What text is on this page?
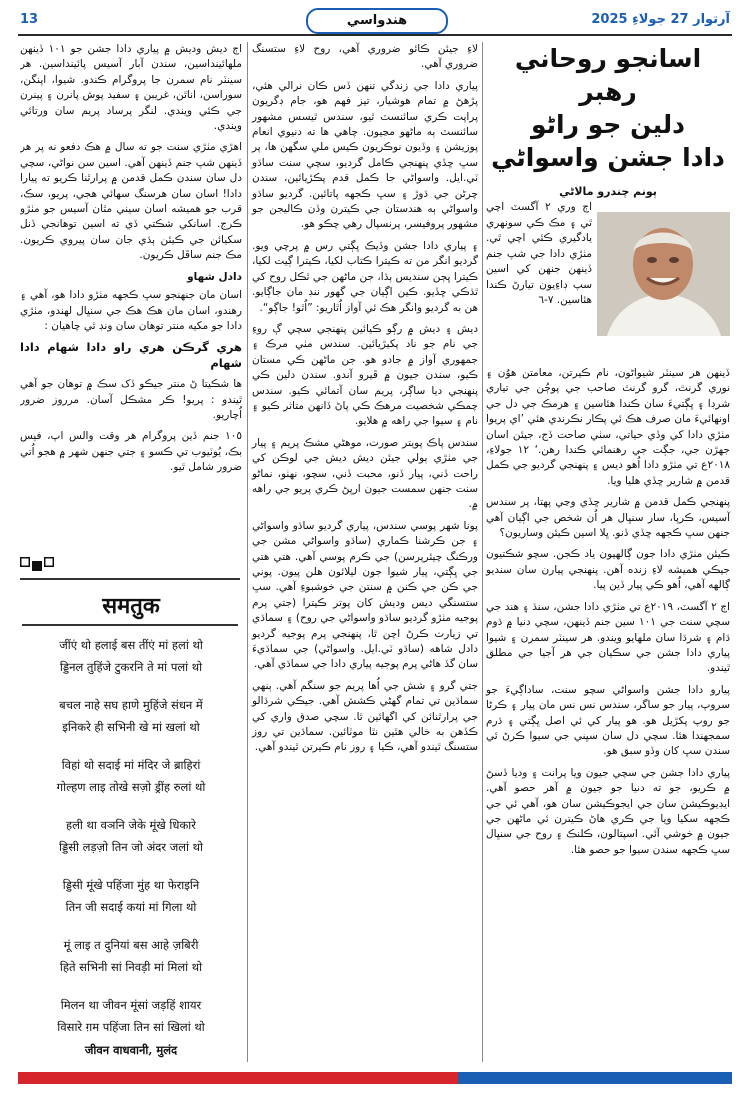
13	هندواسي	آرتوار 27 جولاءِ 2025
اسانجو روحاني
رهبر
دلين جو راڻو
دادا جشن واسواڻي
پونم چندرو مالاڻي
اڄ وري ٢ آگسٽ اچي ٿي ۽ مڪ ڪي سونهري يادگيري ڪئي اچي ٿي. مٺڙي دادا جي شپ جنم ڏينهن جنهن کي اسين سپ ڊاءِيون تيارڻ ڪندا هئاسين. ٧-٦

ڏينهن هر سينٽر شيواڻون، نام ڪيرتن، معامتن هوُن ۽ نوري گرنٿ، گرو گرنٿ صاحب جي پوڄُن جي تياري شرڊا ۽ ڀڳتيءَ سان ڪندا هئاسين ۽ هرمڪ جي دل جي اونهائيءَ مان صرف هڪ ئي پڪار نڪرندي هئي ’اي پريوا مٺڙي دادا کي وڏي حياتي، سٺي صاحت ڏج، جيئن اسان جهڙن جي، جڳت جي رهنمائي ڪندا رهن.‘ ١٢ جولاءِ، ٢٠١٨ع تي مٺڙو دادا اُهو ديس ۽ پنهنجي گرديو جي ڪمل قدمن ۾ شارير ڇڏي هليا ويا.

پنهنجي ڪمل قدمن ۾ شارير ڇڏي وڃي پهتا، پر سندس آسيس، ڪرپا، سار سنڀال هر اُن شخص جي اڳيان آهي جنهن سڀ ڪجهه ڇڏي ڏنو. ڀلا اسين ڪيئن وساريون؟

ڪيئن مٺڙي دادا جون ڳالهيون ياد ڪجن. سچو شڪتيون جيڪي هميشه لاءِ زنده آهن. پنهنجي پيارن سان سنديو ڳالهه آهي، اُهو ڪي پيار ڏين پيا.

اڄ ٢ آگسٽ، ٢٠١٩ع تي مٺڙي دادا جشن، سنڌ ۽ هند جي سچي سنت جي ١٠١ سين جنم ڏينهن، سچي دنيا ۾ ڌوم ڌام ۽ شرڌا سان ملهايو ويندو. هر سينٽر سمرن ۽ شيوا پياري دادا جشن جي سڪيان جي هر آجيا جي مطلق ٿيندو.

پيارو دادا جشن واسواڻي سچو سنت، ساداڳيءَ جو سروپ، پيار جو ساگر، سندس نس نس مان پيار ۽ ڪرڻا جو روپ پکڙيل هو. هو پيار کي ئي اصل ڀڳتي ۽ ڌرم سمجهندا هئا. سچي دل سان سڀني جي سيوا ڪرڻ ئي سندن سڀ کان وڏو سبق هو.

پياري دادا جشن جي سچي جيون ويا پرانت ۽ وديا ڏسڻ ۾ ڪريو، جو ته دنيا جو جيون ۾ آهر حصو آهي. ايڊيوڪيشن سان جي ايجوڪيشن سان هو، آهي ئي جي ڪجهه سکيا ويا جي ڪري هاڻ ڪيترن ئي ماڻهن جي جيون ۾ خوشي آئي. اسپتالون، ڪلنڪ ۽ روح جي سنڀال سڀ ڪجهه سندن سيوا جو حصو هئا.

لاءِ جيئن ڪائو ضروري آهي، روح لاءِ ستسنگ ضروري آهي.

پياري دادا جي زندگي تنهن ڏس ڪان نرالي هئي، پڙهڻ ۾ تمام هوشيار، تيز فهم هو، جام ڊگريون پراپت ڪري سائنسٽ ٿيو، سندس ٿيسس مشهور سائنسٽ ٻه ماڻهو مڃيون. چاهي ها ته دنيوي انعام پوزيشن ۽ وڏيون نوڪريون ڪيس ملي سگهن ها، پر سڀ ڇڏي پنهنجي ڪامل گرديو، سچي سنت ساڌو ٽي.ايل. واسواڻي جا ڪمل قدم پڪڙيائين، سندن چرڻن جي ڌوڙ ۽ سڀ ڪجهه پاتائين. گرديو ساڌو واسواڻي ٻه هندستان جي ڪيترن وڏن ڪاليجن جو مشهور پروفيسر، پرنسپال رهي چڪو هو.

۽ پياري دادا جشن وڏيڪ ڀڳتي رس ۾ پرچي ويو. گرديو انگر من ته ڪيترا ڪتاب لکيا، ڪيترا ڳيت لکيا، ڪيترا ڀڄن سنديس ٻڌا، جن ماڻهن جي ٿڪل روح کي ٿڌڪي ڇڏيو. ڪين اڳيان جي گهور ننڊ مان جاڳايو. هن به گرديو وانگر هڪ ئي آواز اُٿاريو: ”اُٿو! جاڳو“.

ديش ۽ ديش ۾ رڳو ڪيائين پنهنجي سچي ڳ روءِ جي نام جو ناد پکيڙيائين. سندس مٺي مرڪ ۽ جمهوري آواز ۾ جادو هو. جن ماڻهن ڪي مستان ڪيو، سندن جيون ۾ ڦيرو آندو. سندن دلين ڪي پنهنجي ديا ساڳر، پريم سان آتمائي ڪيو. سندس چمڪي شخصيت مرهڪ ڪي پاڻ ڏانهن متاثر ڪيو ۽ نام ۽ سيوا جي راهه ۾ هلايو.

سندس پاڪ پويتر صورت، موهڻي مشڪ پريم ۽ پيار جي مٺڙي ٻولي جيئن ديش ديش جي لوڪن کي راحت ڏني، پيار ڏنو، محبت ڏني، سچو، نهٺو، نماڻو سنت جنهن سمست جيون ارپڻ ڪري پريو جي راهه ۾.

پونا شهر پوسي سندس، پياري گرديو ساڌو واسواڻي ۽ جن ڪرشنا ڪماري (ساڌو واسواڻي مشن جي ورڪنگ چيئرپرسن) جي ڪرم پوسي آهي. هتي هتي جي ڀڳتي، پيار شيوا جون ليلائون هلن پيون. پوني جي ڪن جي ڪنن ۾ سنتن جي خوشبوءِ آهي. سڀ ستسنگي ديس وديش کان پوتر ڪيترا (جتي پرم پوجيه مٺڙو گرديو ساڌو واسواڻي جي روح) ۽ سماڌي تي زيارت ڪرڻ اچن ٿا، پنهنجي پرم پوجيه گرديو دادل شاهه (ساڌو ٽي.ايل. واسواڻي) جي سماڌيءَ سان گڏ هاڻي پرم پوجيه پياري دادا جي سماڌي آهي.

جتي گرو ۽ شش جي اُها پريم جو سنگم آهي. ٻنهي سماڌين تي تمام گهڻي ڪشش آهي. جيڪي شرڌالو جي پرارٿنائن کي اگهائين ٿا. سچي صدق واري کي ڪڏهن به خالي هٿين نٿا موٽائين. سماڌين تي روز ستسنگ ٿيندو آهي، ڪيا ۽ روز نام ڪيرتن ٿيندو آهي.

اڄ ديش وديش ۾ پياري دادا جشن جو ١٠١ ڏينهن ملهائينداسين، سندن آبار آسيس پائينداسين. هر سينٽر نام سمرن جا پروگرام ڪندو. شيوا، اپنگن، سوراسن، اناٿن، غريبن ۽ سفيد پوش پانرن ۽ پينرن جي ڪئي ويندي. لنگر پرساد پريم سان ورتائي ويندي.

اهڙي مٺڙي سنت جو ته سال ۾ هڪ دفعو نه پر هر ڏينهن شپ جنم ڏينهن آهي. اسين سن نواڻي، سچي دل سان سندن ڪمل قدمن ۾ پرارٿنا ڪريو ته پيارا دادا! اسان سان هرسنگ سهائي هجي، پريو، سڪ، قرب جو هميشه اسان سيني مٿان آسيس جو مٺڙو ڪرج. اسانکي شڪتي ڏي ته اسين توهانجي ڏنل سکيائن جي ڪيئن ٻڌي جان سان پيروي ڪريون. مڪ جنم ساڦل ڪريون.

دادل شهاو

اسان مان جنهنجو سڀ ڪجهه مٺڙو دادا هو، آهي ۽ رهندو، اسان مان هڪ هڪ جي سنڀال لهندو، مٺڙي دادا جو مکيه منتر توهان سان ونڊ ٿي چاهيان :

هري گرڪن هري راو دادا شهام دادا شهام

ها شڪيتا ڻ منتر جيڪو ڏک سڪ ۾ توهان جو آهي ٿيندو : پريو! ڪر مشڪل آسان. مرروز ضرور اُچاريو.

١٠٥ جنم ڏين پروگرام هر وقت والس اپ، فيس بڪ، يُوٽيوب تي ڪسو ۽ جتي جنهن شهر ۾ هجو اُتي ضرور شامل ٿيو.

समतुक
जींएं थो हलाई बस तींएं मां हलां थो
ड्डिनल तुहिंजे टुकरनि ते मां पलां थो
बचल नाहे सघ हाणे मुहिंजे संधन में
इनिकरे ही सभिनी खे मां खलां थो
विहां थो सदाई मां मंदिर जे ब्राहिरां
गोल्हण लाइ तोखे सज़ो ड्रींह रुलां थो
हली था वञनि जेके मूंखे धिकारे
ड्डिसी लड़ज़ो तिन जो अंदर जलां थो
ड्डिसी मूंखे पहिंजा मुंह था फेराइनि
तिन जी सदाई कयां मां गिला थो
मूं लाइ त दुनियां बस आहे ज़बिरी
हिते सभिनी सां निवड़ी मां मिलां थो
मिलन था जीवन मूंसां जड़हिं शायर
विसारे ग़म पहिंजा तिन सां खिलां थो
जीवन वाधवानी, मुलंद
